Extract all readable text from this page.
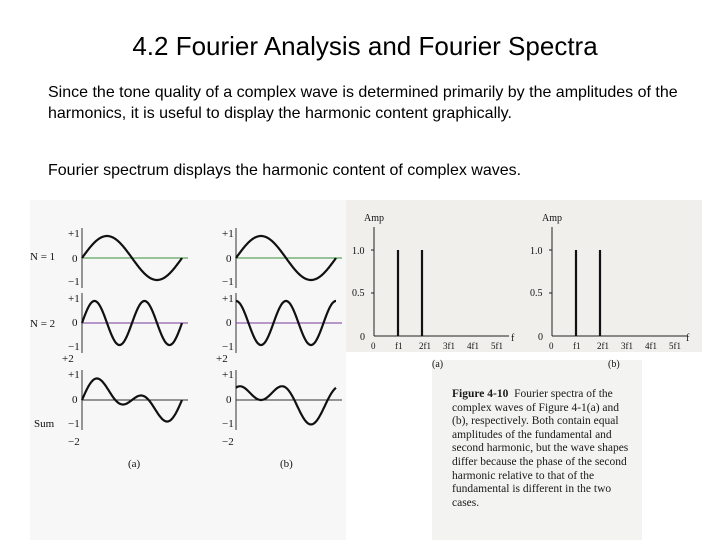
4.2 Fourier Analysis and Fourier Spectra
Since the tone quality of a complex wave is determined primarily by the amplitudes of the harmonics, it is useful to display the harmonic content graphically.
Fourier spectrum displays the harmonic content of complex waves.
N = 1
N = 2
Sum
+1
0
−1
+1
0
−1
+2
+1
0
−1
−2
+1
0
−1
+1
0
−1
+2
+1
0
−1
−2
(a)	(b)
0 f1 2f1 3f1 4f1 5f1	0 f1 2f1 3f1 4f1 5f1
Amp
1.0
0.5
0	f
(a)
Amp
1.0
0.5
0	f
(b)
Figure 4-10 Fourier spectra of the complex waves of Figure 4-1(a) and (b), respectively. Both contain equal amplitudes of the fundamental and second harmonic, but the wave shapes differ because the phase of the second harmonic relative to that of the fundamental is different in the two cases.
